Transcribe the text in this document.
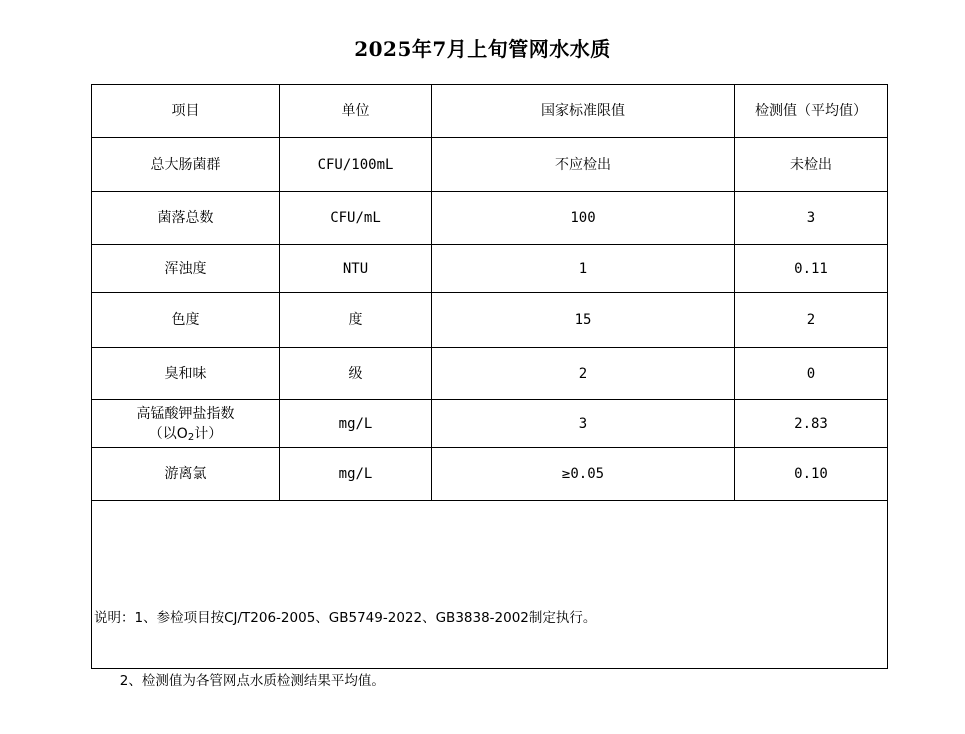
2025年7月上旬管网水水质
项目	单位	国家标准限值	检测值（平均值）
总大肠菌群	CFU/100mL	不应检出	未检出
菌落总数	CFU/mL	100	3
浑浊度	NTU	1	0.11
色度	度	15	2
臭和味	级	2	0

高锰酸钾盐指数
（以$O_2$计）	mg/L	3	2.83
游离氯	mg/L	≥0.05	0.10

说明：1、参检项目按CJ/T206-2005、GB5749-2022、GB3838-2002制定执行。

2、检测值为各管网点水质检测结果平均值。			
